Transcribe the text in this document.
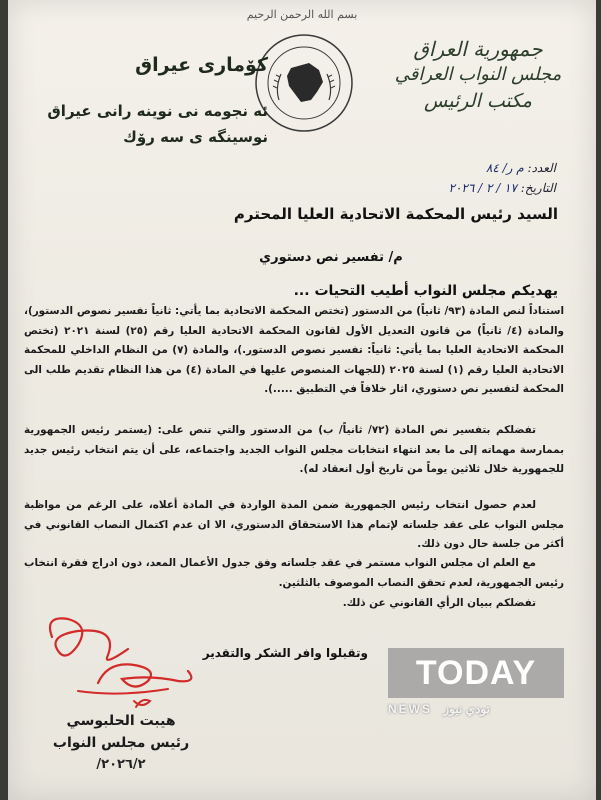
بسم الله الرحمن الرحيم
جمهورية العراق
مجلس النواب العراقي
مكتب الرئيس
كۆمارى عيراق
ئه نجومه نى نوينه رانى عيراق
نوسينگه ى سه رۆك
العدد: م ر/ ٨٤
التاريخ: ١٧ / ٢ / ٢٠٢٦
السيد رئيس المحكمة الاتحادية العليا المحترم
م/ تفسير نص دستوري
يهديكم مجلس النواب أطيب التحيات ...
استناداً لنص المادة (٩٣/ ثانياً) من الدستور (تختص المحكمة الاتحادية بما يأتي: ثانياً تفسير نصوص الدستور)، والمادة (٤/ ثانياً) من قانون التعديل الأول لقانون المحكمة الاتحادية العليا رقم (٢٥) لسنة ٢٠٢١ (تختص المحكمة الاتحادية العليا بما يأتي: ثانياً: تفسير نصوص الدستور.)، والمادة (٧) من النظام الداخلي للمحكمة الاتحادية العليا رقم (١) لسنة ٢٠٢٥ (للجهات المنصوص عليها في المادة (٤) من هذا النظام تقديم طلب الى المحكمة لتفسير نص دستوري، اثار خلافاً في التطبيق .....).
تفضلكم بتفسير نص المادة (٧٢/ ثانياً/ ب) من الدستور والتي تنص على: (يستمر رئيس الجمهورية بممارسة مهماته إلى ما بعد انتهاء انتخابات مجلس النواب الجديد واجتماعه، على أن يتم انتخاب رئيس جديد للجمهورية خلال ثلاثين يوماً من تاريخ أول انعقاد له).
لعدم حصول انتخاب رئيس الجمهورية ضمن المدة الواردة في المادة أعلاه، على الرغم من مواظبة مجلس النواب على عقد جلساته لإتمام هذا الاستحقاق الدستوري، الا ان عدم اكتمال النصاب القانوني في أكثر من جلسة حال دون ذلك.
مع العلم ان مجلس النواب مستمر في عقد جلساته وفق جدول الأعمال المعد، دون ادراج فقرة انتخاب رئيس الجمهورية، لعدم تحقق النصاب الموصوف بالثلثين.
تفضلكم ببيان الرأي القانوني عن ذلك.
وتقبلوا وافر الشكر والتقدير
هيبت الحلبوسي
رئيس مجلس النواب
٢٠٢٦/٢/
TODAY
NEWS تودي نيوز
